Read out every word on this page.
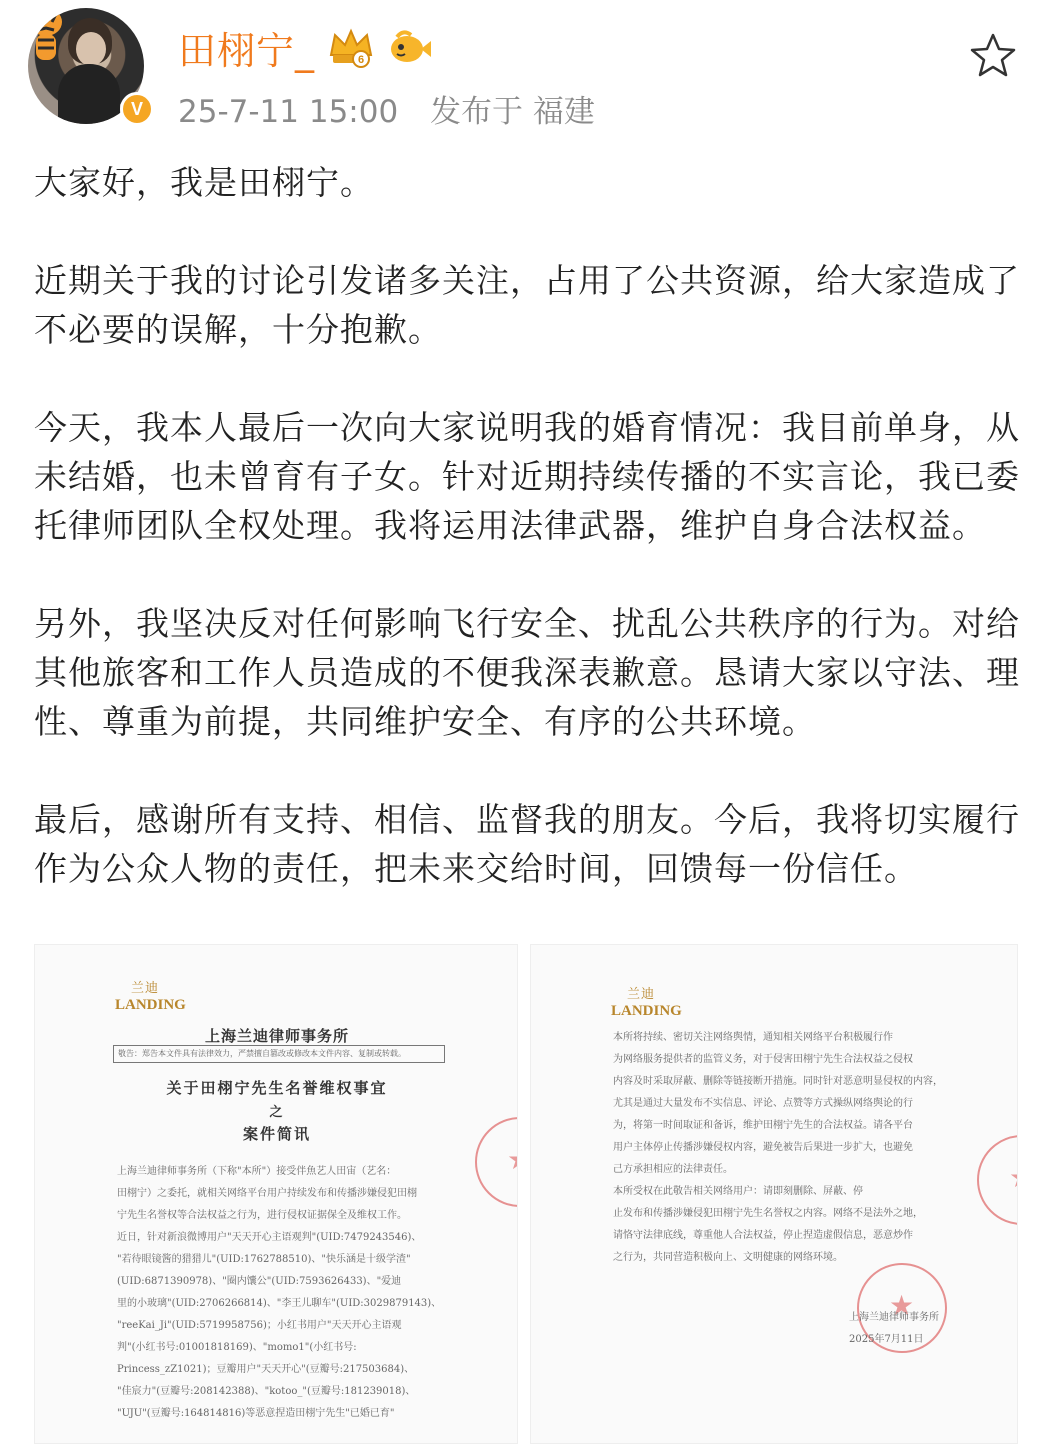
V
田栩宁_	6
25-7-11 15:00 发布于 福建

大家好，我是田栩宁。

近期关于我的讨论引发诸多关注，占用了公共资源，给大家造成了不必要的误解，十分抱歉。

今天，我本人最后一次向大家说明我的婚育情况：我目前单身，从未结婚，也未曾育有子女。针对近期持续传播的不实言论，我已委托律师团队全权处理。我将运用法律武器，维护自身合法权益。

另外，我坚决反对任何影响飞行安全、扰乱公共秩序的行为。对给其他旅客和工作人员造成的不便我深表歉意。恳请大家以守法、理性、尊重为前提，共同维护安全、有序的公共环境。

最后，感谢所有支持、相信、监督我的朋友。今后，我将切实履行作为公众人物的责任，把未来交给时间，回馈每一份信任。

兰迪
LANDING
上海兰迪律师事务所
敬告：郑告本文件具有法律效力，严禁擅自篡改或修改本文件内容、复制或转载。
关于田栩宁先生名誉维权事宜
之
案件简讯
上海兰迪律师事务所（下称"本所"）接受伴魚艺人田宙（艺名：
田栩宁）之委托，就相关网络平台用户持续发布和传播涉嫌侵犯田栩
宁先生名誉权等合法权益之行为，进行侵权证据保全及维权工作。
近日，针对新浪微博用户"天天开心主语观判"(UID:7479243546)、
"若待眼镜酱的猎猎儿"(UID:1762788510)、"快乐涵是十级学渣"
(UID:6871390978)、"圈内馕公"(UID:7593626433)、"爱迪
里的小玻璃"(UID:2706266814)、"李王儿聊车"(UID:3029879143)、
"reeKai_Ji"(UID:5719958756)；小红书用户"天天开心主语观
判"(小红书号:01001818169)、"momo1"(小红书号:
Princess_zZ1021)；豆瓣用户"天天开心"(豆瓣号:217503684)、
"佳宸力"(豆瓣号:208142388)、"kotoo_"(豆瓣号:181239018)、
"UJU"(豆瓣号:164814816)等恶意捏造田栩宁先生"已婚已育"
★
兰迪
LANDING
本所将持续、密切关注网络舆情，通知相关网络平台积极履行作
为网络服务提供者的监管义务，对于侵害田栩宁先生合法权益之侵权
内容及时采取屏蔽、删除等链接断开措施。同时针对恶意明显侵权的内容，
尤其是通过大量发布不实信息、评论、点赞等方式操纵网络舆论的行
为，将第一时间取证和备诉，维护田栩宁先生的合法权益。请各平台
用户主体停止传播涉嫌侵权内容，避免被告后果进一步扩大，也避免
己方承担相应的法律责任。
本所受权在此敬告相关网络用户：请即刻删除、屏蔽、停
止发布和传播涉嫌侵犯田栩宁先生名誉权之内容。网络不是法外之地，
请恪守法律底线，尊重他人合法权益，停止捏造虚假信息，恶意炒作
之行为，共同营造积极向上、文明健康的网络环境。
★
★
上海兰迪律师事务所
2025年7月11日
